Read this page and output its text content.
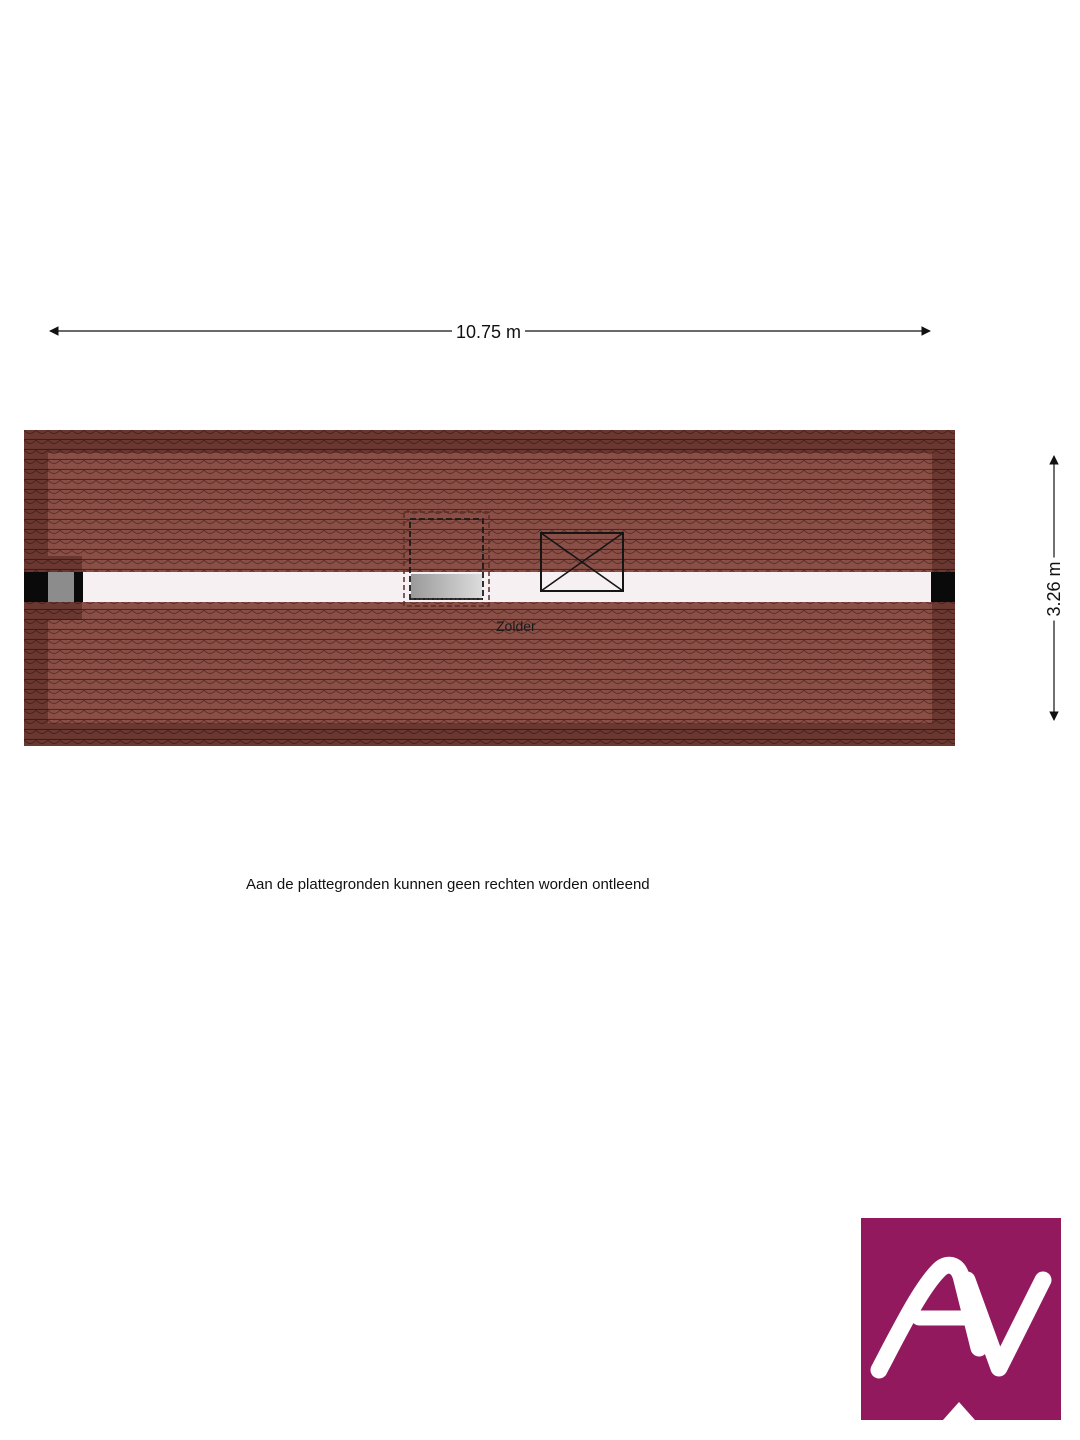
10.75 m
3.26 m
Zolder
Aan de plattegronden kunnen geen rechten worden ontleend
